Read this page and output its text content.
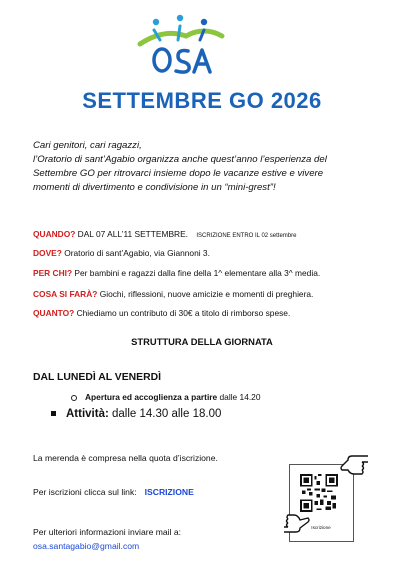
SETTEMBRE GO 2026
Cari genitori, cari ragazzi,
l’Oratorio di sant’Agabio organizza anche quest’anno l’esperienza del
Settembre GO per ritrovarci insieme dopo le vacanze estive e vivere
momenti di divertimento e condivisione in un “mini-grest”!
QUANDO? DAL 07 ALL’11 SETTEMBRE. ISCRIZIONE ENTRO IL 02 settembre
DOVE? Oratorio di sant’Agabio, via Giannoni 3.
PER CHI? Per bambini e ragazzi dalla fine della 1^ elementare alla 3^ media.
COSA SI FARÀ? Giochi, riflessioni, nuove amicizie e momenti di preghiera.
QUANTO? Chiediamo un contributo di 30€ a titolo di rimborso spese.
STRUTTURA DELLA GIORNATA
DAL LUNEDÌ AL VENERDÌ
Apertura ed accoglienza a partire dalle 14.20
Attività: dalle 14.30 alle 18.00
La merenda è compresa nella quota d’iscrizione.
Per iscrizioni clicca sul link: ISCRIZIONE
Per ulteriori informazioni inviare mail a:
osa.santagabio@gmail.com
Iscrizione
